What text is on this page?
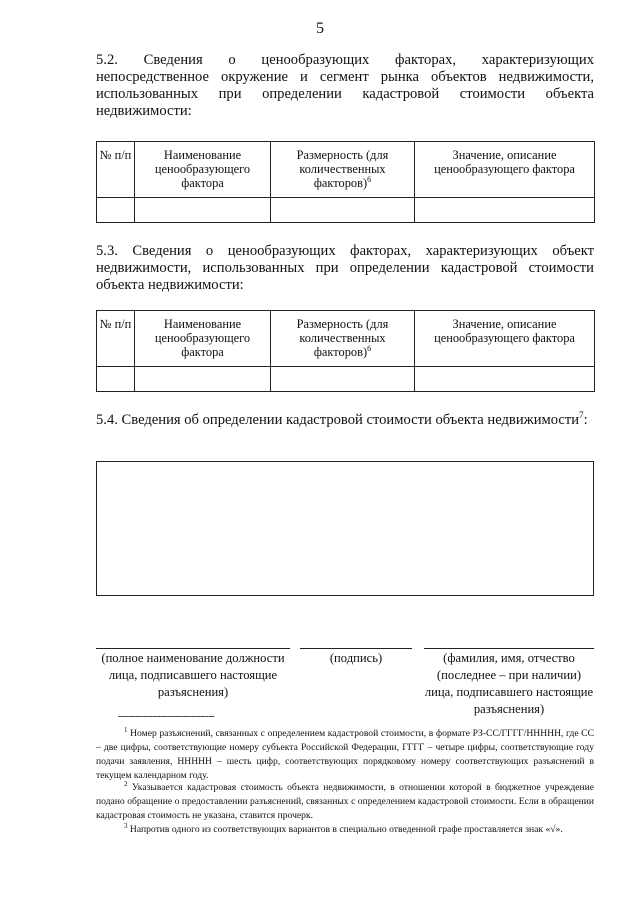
5
5.2. Сведения о ценообразующих факторах, характеризующих непосредственное окружение и сегмент рынка объектов недвижимости, использованных при определении кадастровой стоимости объекта недвижимости:
№ п/п	Наименование ценообразующего фактора	Размерность (для количественных факторов)$^6$	Значение, описание ценообразующего фактора

5.3. Сведения о ценообразующих факторах, характеризующих объект недвижимости, использованных при определении кадастровой стоимости объекта недвижимости:
№ п/п	Наименование ценообразующего фактора	Размерность (для количественных факторов)$^6$	Значение, описание ценообразующего фактора

5.4. Сведения об определении кадастровой стоимости объекта недвижимости$^7$:
(полное наименование должности лица, подписавшего настоящие разъяснения)
(подпись)	(фамилия, имя, отчество (последнее – при наличии) лица, подписавшего настоящие разъяснения)
----------------------------------
$^1$ Номер разъяснений, связанных с определением кадастровой стоимости, в формате РЗ-СС/ГГГГ/ННННН, где СС – две цифры, соответствующие номеру субъекта Российской Федерации, ГГГГ – четыре цифры, соответствующие году подачи заявления, ННННН – шесть цифр, соответствующих порядковому номеру соответствующих разъяснений в текущем календарном году.
$^2$ Указывается кадастровая стоимость объекта недвижимости, в отношении которой в бюджетное учреждение подано обращение о предоставлении разъяснений, связанных с определением кадастровой стоимости. Если в обращении кадастровая стоимость не указана, ставится прочерк.
$^3$ Напротив одного из соответствующих вариантов в специально отведенной графе проставляется знак «√».
